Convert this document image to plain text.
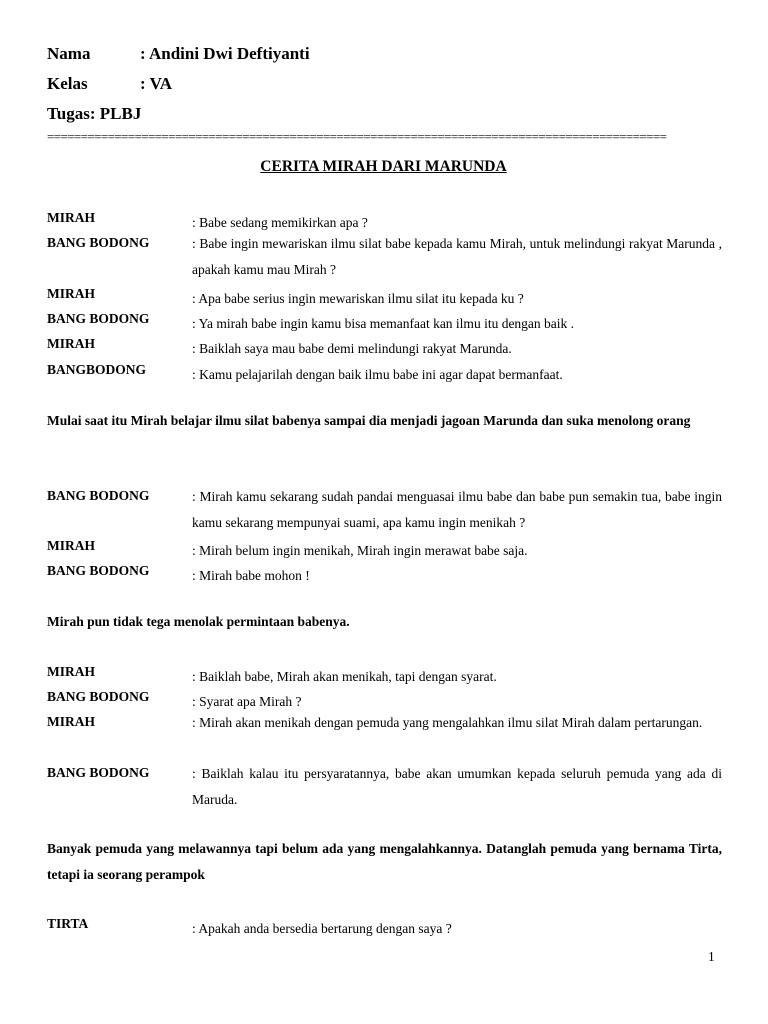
Nama	: Andini Dwi Deftiyanti
Kelas	: VA
Tugas: PLBJ
============================================================================================
CERITA MIRAH DARI MARUNDA
MIRAH	: Babe sedang memikirkan apa ?
BANG BODONG	: Babe ingin mewariskan ilmu silat babe kepada kamu Mirah, untuk melindungi rakyat Marunda , apakah kamu mau Mirah ?
MIRAH	: Apa babe serius ingin mewariskan ilmu silat itu kepada ku ?
BANG BODONG	: Ya mirah babe ingin kamu bisa memanfaat kan ilmu itu dengan baik .
MIRAH	: Baiklah saya mau babe demi melindungi rakyat Marunda.
BANGBODONG	: Kamu pelajarilah dengan baik ilmu babe ini agar dapat bermanfaat.
Mulai saat itu Mirah belajar ilmu silat babenya sampai dia menjadi jagoan Marunda dan suka menolong orang
BANG BODONG	: Mirah kamu sekarang sudah pandai menguasai ilmu babe dan babe pun semakin tua, babe ingin kamu sekarang mempunyai suami, apa kamu ingin menikah ?
MIRAH	: Mirah belum ingin menikah, Mirah ingin merawat babe saja.
BANG BODONG	: Mirah babe mohon !
Mirah pun tidak tega menolak permintaan babenya.
MIRAH	: Baiklah babe, Mirah akan menikah, tapi dengan syarat.
BANG BODONG	: Syarat apa Mirah ?
MIRAH	: Mirah akan menikah dengan pemuda yang mengalahkan ilmu silat Mirah dalam pertarungan.
BANG BODONG	: Baiklah kalau itu persyaratannya, babe akan umumkan kepada seluruh pemuda yang ada di Maruda.
Banyak pemuda yang melawannya tapi belum ada yang mengalahkannya. Datanglah pemuda yang bernama Tirta, tetapi ia seorang perampok
TIRTA	: Apakah anda bersedia bertarung dengan saya ?
1
